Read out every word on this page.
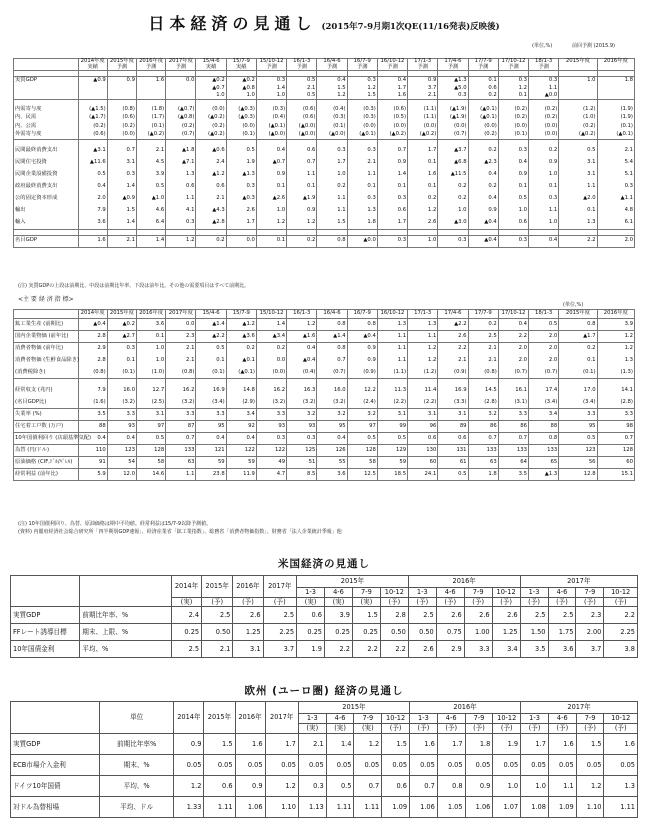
日本経済の見通し (2015年7-9月期1次QE(11/16発表)反映後)
(単位,%)	前回予測 (2015.9)
	2014年度	2015年度	2016年度	2017年度	15/4-6	15/7-9	15/10-12	16/1-3	16/4-6	16/7-9	16/10-12	17/1-3	17/4-6	17/7-9	17/10-12	18/1-3	2015年度	2016年度
	実績	予測	予測	予測	実績	実績	予測	予測	予測	予測	予測	予測	予測	予測	予測	予測		

実質GDP	▲0.9	0.9	1.6	0.0	▲0.2	▲0.2	0.3	0.5	0.4	0.3	0.4	0.9	▲1.3	0.1	0.3	0.3	1.0	1.8
					▲0.7	▲0.8	1.4	2.1	1.5	1.2	1.7	3.7	▲5.0	0.6	1.2	1.1		
					1.0	1.0	1.0	0.5	1.2	1.5	1.6	2.1	0.3	0.2	0.1	▲0.0		

内需寄与度	(▲1.5)	(0.8)	(1.8)	(▲0.7)	(0.0)	(▲0.3)	(0.3)	(0.6)	(0.4)	(0.3)	(0.6)	(1.1)	(▲1.9)	(▲0.1)	(0.2)	(0.2)	(1.2)	(1.9)
内、民需	(▲1.7)	(0.6)	(1.7)	(▲0.8)	(▲0.2)	(▲0.3)	(0.4)	(0.6)	(0.3)	(0.3)	(0.5)	(1.1)	(▲1.9)	(▲0.1)	(0.2)	(0.2)	(1.0)	(1.9)
内、公需	(0.2)	(0.2)	(0.1)	(0.2)	(0.2)	(0.0)	(▲0.1)	(▲0.0)	(0.1)	(0.0)	(0.0)	(0.0)	(0.0)	(0.0)	(0.0)	(0.0)	(0.2)	(0.1)
外需寄与度	(0.6)	(0.0)	(▲0.2)	(0.7)	(▲0.2)	(0.1)	(▲0.0)	(▲0.0)	(▲0.0)	(▲0.1)	(▲0.2)	(▲0.2)	(0.7)	(0.2)	(0.1)	(0.0)	(▲0.2)	(▲0.1)

民間最終消費支出	▲3.1	0.7	2.1	▲1.8	▲0.6	0.5	0.4	0.6	0.3	0.3	0.7	1.7	▲3.7	0.2	0.3	0.2	0.5	2.1
民間住宅投資	▲11.6	3.1	4.5	▲7.1	2.4	1.9	▲0.7	0.7	1.7	2.1	0.9	0.1	▲6.8	▲2.3	0.4	0.9	3.1	5.4
民間企業設備投資	0.5	0.3	3.9	1.3	▲1.2	▲1.3	0.9	1.1	1.0	1.1	1.4	1.6	▲11.5	0.4	0.9	1.0	3.1	5.1
政府最終消費支出	0.4	1.4	0.5	0.6	0.6	0.3	0.1	0.1	0.2	0.1	0.1	0.1	0.2	0.2	0.1	0.1	1.1	0.3
公的固定資本形成	2.0	▲0.9	▲1.0	1.1	2.1	▲0.3	▲2.6	▲1.9	1.1	0.3	0.3	0.2	0.2	0.4	0.5	0.3	▲2.0	▲1.1
輸出	7.9	1.5	4.6	4.1	▲4.3	2.6	1.0	0.9	1.1	1.3	0.6	1.2	1.0	0.9	1.0	1.1	0.1	4.8
輸入	3.6	1.4	6.4	0.3	▲2.8	1.7	1.2	1.2	1.5	1.8	1.7	2.6	▲3.0	▲0.4	0.6	1.0	1.3	6.1

名目GDP	1.6	2.1	1.4	1.2	0.2	0.0	0.1	0.2	0.8	▲0.0	0.3	1.0	0.3	▲0.4	0.3	0.4	2.2	2.0
(注) 実質GDPの上段は前期比、中段は前期比年率、下段は前年比。その他の需要項目はすべて前期比。
<主 要 経 済 指 標>
(単位,%)
	2014年度	2015年度	2016年度	2017年度	15/4-6	15/7-9	15/10-12	16/1-3	16/4-6	16/7-9	16/10-12	17/1-3	17/4-6	17/7-9	17/10-12	18/1-3	2015年度	2016年度
鉱工業生産 (前期比)	▲0.4	▲0.2	3.6	0.0	▲1.4	▲1.2	1.4	1.2	0.8	0.8	1.3	1.3	▲2.2	0.2	0.4	0.5	0.8	3.9
国内企業物価 (前年比)	2.8	▲2.7	0.1	2.3	▲2.2	▲3.6	▲3.4	▲1.6	▲1.4	▲0.4	1.1	1.1	2.6	2.5	2.2	2.0	▲1.7	1.2
消費者物価 (前年比)	2.9	0.3	1.0	2.1	0.5	0.2	0.2	0.4	0.8	0.9	1.1	1.2	2.2	2.1	2.0	2.0	0.2	1.2
消費者物価 (生鮮食品除き)	2.8	0.1	1.0	2.1	0.1	▲0.1	0.0	▲0.4	0.7	0.9	1.1	1.2	2.1	2.1	2.0	2.0	0.1	1.3
(消費税除き)	(0.8)	(0.1)	(1.0)	(0.8)	(0.1)	(▲0.1)	(0.0)	(0.4)	(0.7)	(0.9)	(1.1)	(1.2)	(0.9)	(0.8)	(0.7)	(0.7)	(0.1)	(1.3)

経常収支 (兆円)	7.9	16.0	12.7	16.2	16.9	14.8	16.2	16.3	16.0	12.2	11.3	11.4	16.9	14.5	16.1	17.4	17.0	14.1
(名目GDP比)	(1.6)	(3.2)	(2.5)	(3.2)	(3.4)	(2.9)	(3.2)	(3.2)	(3.2)	(2.4)	(2.2)	(2.2)	(3.3)	(2.8)	(3.1)	(3.4)	(3.4)	(2.8)
失業率 (%)	3.5	3.3	3.1	3.3	3.3	3.4	3.3	3.2	3.2	3.2	3.1	3.1	3.1	3.2	3.3	3.4	3.3	3.3
住宅着工戸数 (万戸)	88	93	97	87	95	92	93	93	95	97	99	96	89	86	86	88	95	98
10年国債利回り (店頭基準気配)	0.4	0.4	0.5	0.7	0.4	0.4	0.3	0.3	0.4	0.5	0.5	0.6	0.6	0.7	0.7	0.8	0.5	0.7
為替 (円/ドル)	110	123	128	133	121	122	122	125	126	128	129	130	131	133	133	133	123	128
原油価格 (CIF,ﾄﾞﾙ/ﾊﾞﾚﾙ)	91	54	58	63	59	59	49	51	55	58	59	60	61	63	64	65	56	60
経常利益 (前年比)	5.9	12.0	14.6	1.1	23.8	11.9	4.7	8.5	3.6	12.5	18.5	24.1	0.5	1.8	3.5	▲1.3	12.8	15.1
(注) 10年国債利回り、為替、原油価格は期中平均値。経常利益は15/7-9以降予測値。
(資料) 内閣府経済社会総合研究所「四半期別GDP速報」、経済産業省「鉱工業指数」、総務省「消費者物価指数」、財務省「法人企業統計季報」他
米国経済の見通し
		2014年	2015年	2016年	2017年	2015年				2016年				2017年			
						1-3	4-6	7-9	10-12	1-3	4-6	7-9	10-12	1-3	4-6	7-9	10-12
		(実)	(予)	(予)	(予)	(実)	(実)	(実)	(予)	(予)	(予)	(予)	(予)	(予)	(予)	(予)	(予)
実質GDP	前期比年率、%	2.4	2.5	2.6	2.5	0.6	3.9	1.5	2.8	2.5	2.6	2.6	2.6	2.5	2.5	2.3	2.2
FFレート誘導目標	期末、上限、%	0.25	0.50	1.25	2.25	0.25	0.25	0.25	0.50	0.50	0.75	1.00	1.25	1.50	1.75	2.00	2.25
10年国債金利	平均、%	2.5	2.1	3.1	3.7	1.9	2.2	2.2	2.2	2.6	2.9	3.3	3.4	3.5	3.6	3.7	3.8
欧州 (ユーロ圏) 経済の見通し
	単位	2014年	2015年	2016年	2017年	2015年				2016年				2017年			
						1-3	4-6	7-9	10-12	1-3	4-6	7-9	10-12	1-3	4-6	7-9	10-12
						(実)	(実)	(実)	(予)	(予)	(予)	(予)	(予)	(予)	(予)	(予)	(予)
実質GDP	前期比年率%	0.9	1.5	1.6	1.7	2.1	1.4	1.2	1.5	1.6	1.7	1.8	1.9	1.7	1.6	1.5	1.6
ECB市場介入金利	期末、%	0.05	0.05	0.05	0.05	0.05	0.05	0.05	0.05	0.05	0.05	0.05	0.05	0.05	0.05	0.05	0.05
ドイツ10年国債	平均、%	1.2	0.6	0.9	1.2	0.3	0.5	0.7	0.6	0.7	0.8	0.9	1.0	1.0	1.1	1.2	1.3
対ドル為替相場	平均、ドル	1.33	1.11	1.06	1.10	1.13	1.11	1.11	1.09	1.06	1.05	1.06	1.07	1.08	1.09	1.10	1.11
